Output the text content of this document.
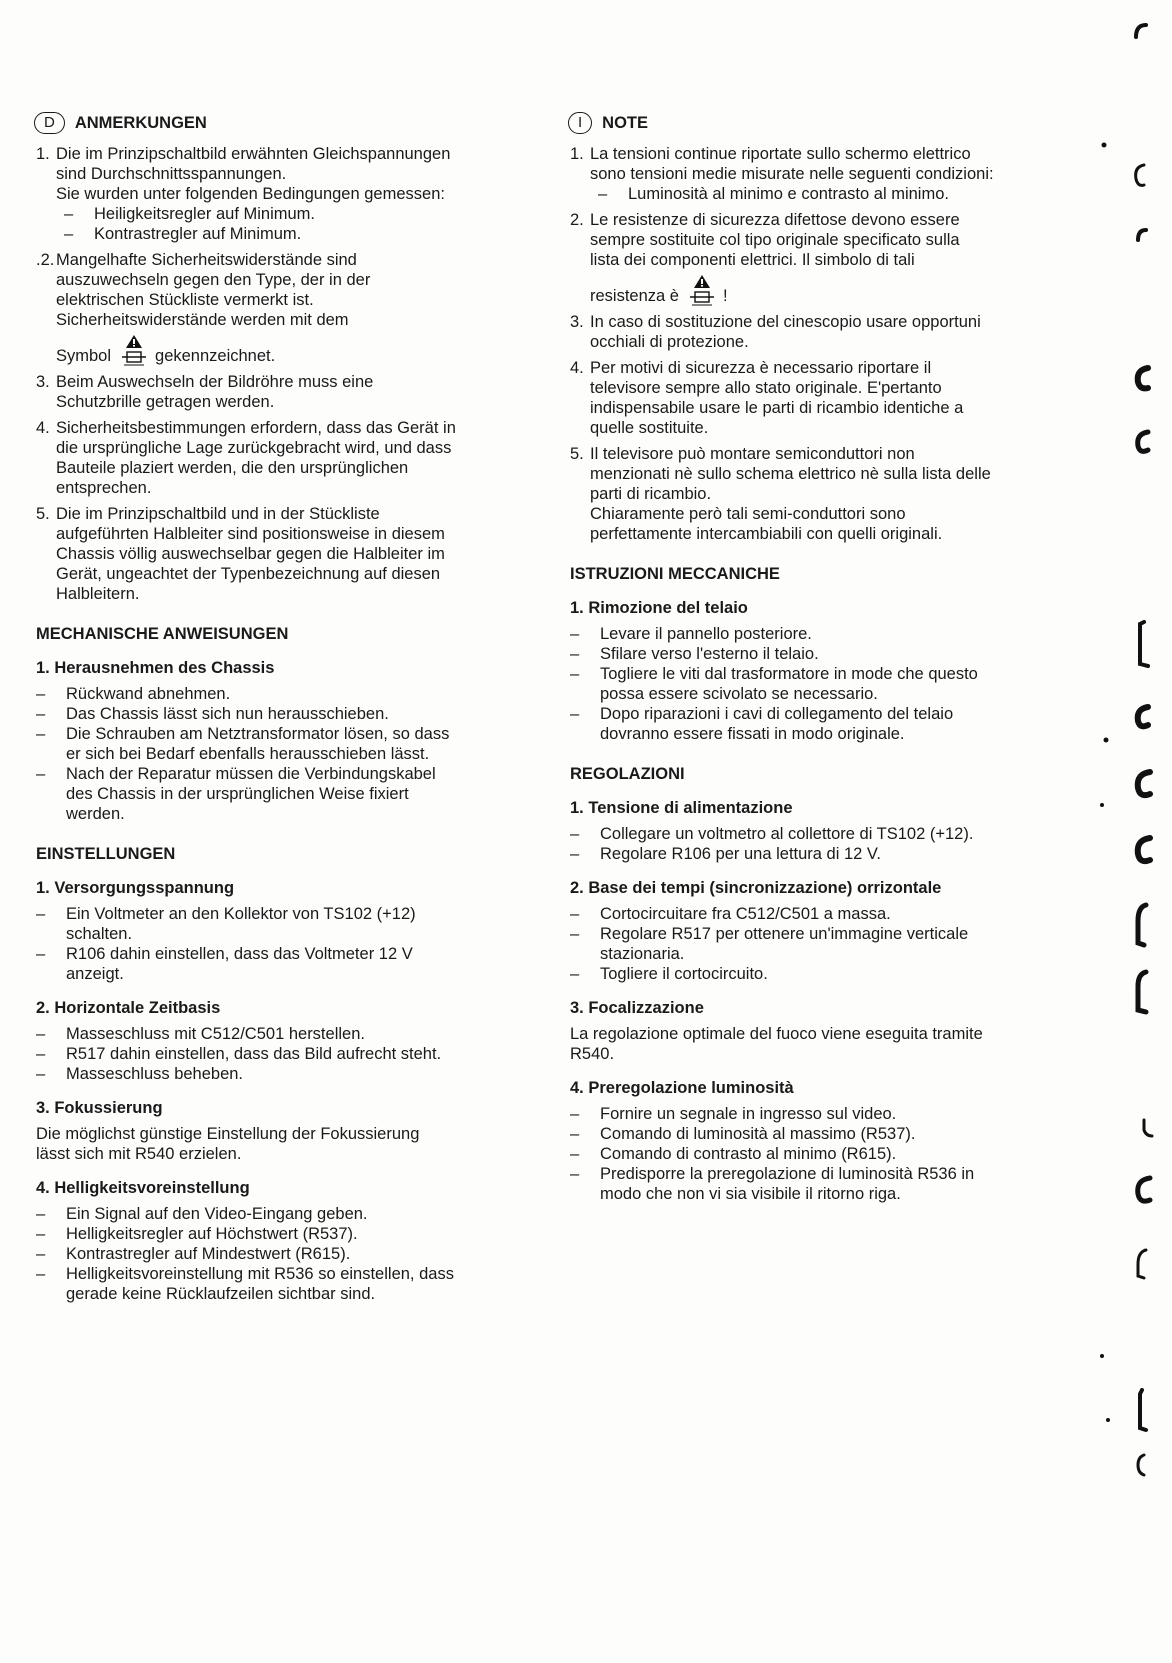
D	ANMERKUNGEN
1. Die im Prinzipschaltbild erwähnten Gleichspannungen
sind Durchschnittsspannungen.
Sie wurden unter folgenden Bedingungen gemessen:
– Heiligkeitsregler auf Minimum.
– Kontrastregler auf Minimum.
.2. Mangelhafte Sicherheitswiderstände sind
auszuwechseln gegen den Type, der in der
elektrischen Stückliste vermerkt ist.
Sicherheitswiderstände werden mit dem
Symbol	gekennzeichnet.
3. Beim Auswechseln der Bildröhre muss eine
Schutzbrille getragen werden.
4. Sicherheitsbestimmungen erfordern, dass das Gerät in
die ursprüngliche Lage zurückgebracht wird, und dass
Bauteile plaziert werden, die den ursprünglichen
entsprechen.
5. Die im Prinzipschaltbild und in der Stückliste
aufgeführten Halbleiter sind positionsweise in diesem
Chassis völlig auswechselbar gegen die Halbleiter im
Gerät, ungeachtet der Typenbezeichnung auf diesen
Halbleitern.
MECHANISCHE ANWEISUNGEN
1. Herausnehmen des Chassis
– Rückwand abnehmen.
– Das Chassis lässt sich nun herausschieben.
– Die Schrauben am Netztransformator lösen, so dass
er sich bei Bedarf ebenfalls herausschieben lässt.
– Nach der Reparatur müssen die Verbindungskabel
des Chassis in der ursprünglichen Weise fixiert
werden.
EINSTELLUNGEN
1. Versorgungsspannung
– Ein Voltmeter an den Kollektor von TS102 (+12)
schalten.
– R106 dahin einstellen, dass das Voltmeter 12 V
anzeigt.
2. Horizontale Zeitbasis
– Masseschluss mit C512/C501 herstellen.
– R517 dahin einstellen, dass das Bild aufrecht steht.
– Masseschluss beheben.
3. Fokussierung
Die möglichst günstige Einstellung der Fokussierung
lässt sich mit R540 erzielen.
4. Helligkeitsvoreinstellung
– Ein Signal auf den Video-Eingang geben.
– Helligkeitsregler auf Höchstwert (R537).
– Kontrastregler auf Mindestwert (R615).
– Helligkeitsvoreinstellung mit R536 so einstellen, dass
gerade keine Rücklaufzeilen sichtbar sind.
I	NOTE
1. La tensioni continue riportate sullo schermo elettrico
sono tensioni medie misurate nelle seguenti condizioni:
– Luminosità al minimo e contrasto al minimo.
2. Le resistenze di sicurezza difettose devono essere
sempre sostituite col tipo originale specificato sulla
lista dei componenti elettrici. Il simbolo di tali
resistenza è	!
3. In caso di sostituzione del cinescopio usare opportuni
occhiali di protezione.
4. Per motivi di sicurezza è necessario riportare il
televisore sempre allo stato originale. E'pertanto
indispensabile usare le parti di ricambio identiche a
quelle sostituite.
5. Il televisore può montare semiconduttori non
menzionati nè sullo schema elettrico nè sulla lista delle
parti di ricambio.
Chiaramente però tali semi-conduttori sono
perfettamente intercambiabili con quelli originali.
ISTRUZIONI MECCANICHE
1. Rimozione del telaio
– Levare il pannello posteriore.
– Sfilare verso l'esterno il telaio.
– Togliere le viti dal trasformatore in mode che questo
possa essere scivolato se necessario.
– Dopo riparazioni i cavi di collegamento del telaio
dovranno essere fissati in modo originale.
REGOLAZIONI
1. Tensione di alimentazione
– Collegare un voltmetro al collettore di TS102 (+12).
– Regolare R106 per una lettura di 12 V.
2. Base dei tempi (sincronizzazione) orrizontale
– Cortocircuitare fra C512/C501 a massa.
– Regolare R517 per ottenere un'immagine verticale
stazionaria.
– Togliere il cortocircuito.
3. Focalizzazione
La regolazione optimale del fuoco viene eseguita tramite
R540.
4. Preregolazione luminosità
– Fornire un segnale in ingresso sul video.
– Comando di luminosità al massimo (R537).
– Comando di contrasto al minimo (R615).
– Predisporre la preregolazione di luminosità R536 in
modo che non vi sia visibile il ritorno riga.
